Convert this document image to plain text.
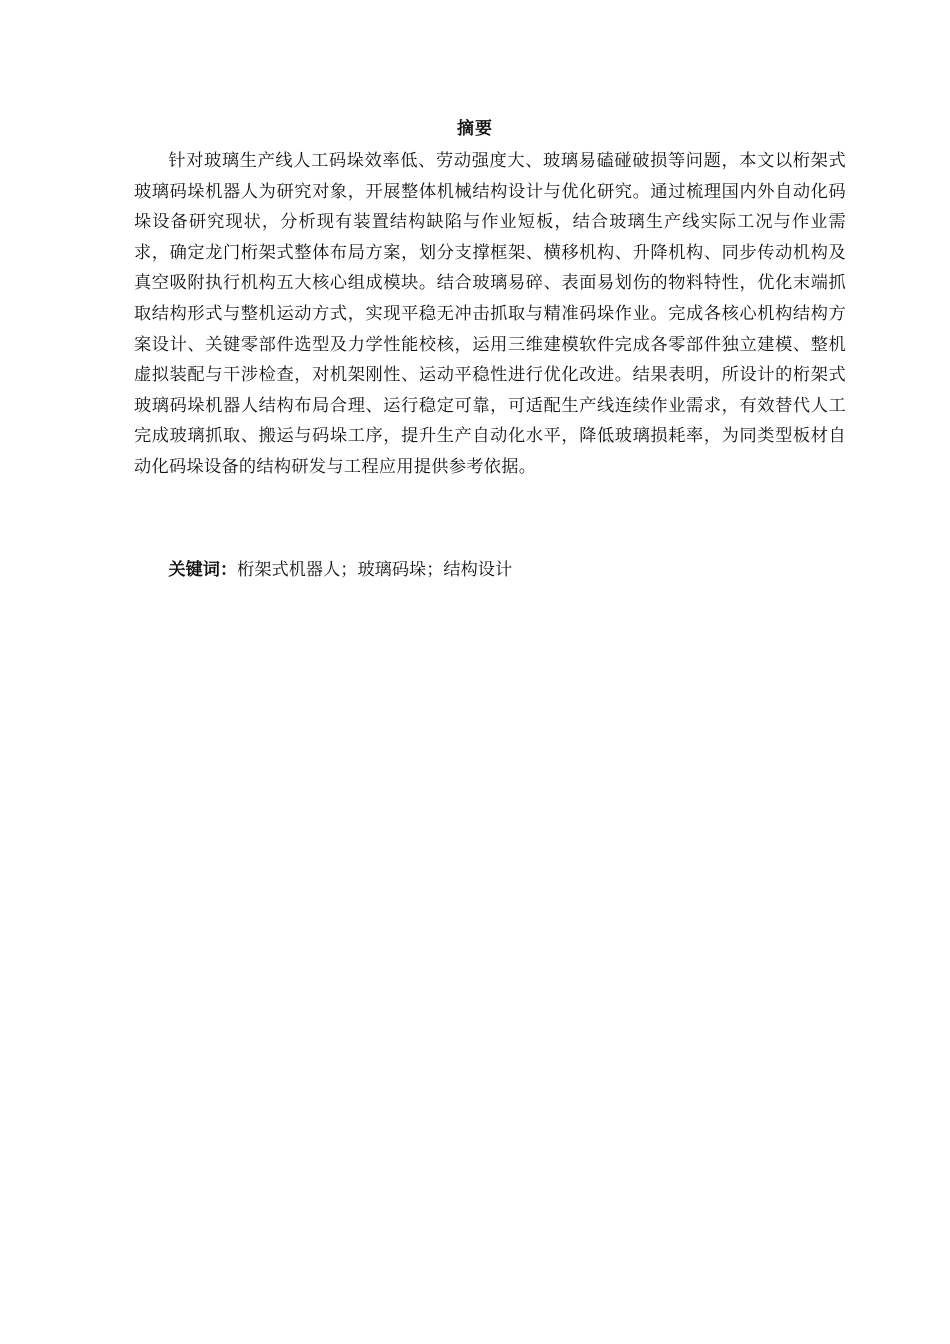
摘要

针对玻璃生产线人工码垛效率低、劳动强度大、玻璃易磕碰破损等问题，本文以桁架式玻璃码垛机器人为研究对象，开展整体机械结构设计与优化研究。通过梳理国内外自动化码垛设备研究现状，分析现有装置结构缺陷与作业短板，结合玻璃生产线实际工况与作业需求，确定龙门桁架式整体布局方案，划分支撑框架、横移机构、升降机构、同步传动机构及真空吸附执行机构五大核心组成模块。结合玻璃易碎、表面易划伤的物料特性，优化末端抓取结构形式与整机运动方式，实现平稳无冲击抓取与精准码垛作业。完成各核心机构结构方案设计、关键零部件选型及力学性能校核，运用三维建模软件完成各零部件独立建模、整机虚拟装配与干涉检查，对机架刚性、运动平稳性进行优化改进。结果表明，所设计的桁架式玻璃码垛机器人结构布局合理、运行稳定可靠，可适配生产线连续作业需求，有效替代人工完成玻璃抓取、搬运与码垛工序，提升生产自动化水平，降低玻璃损耗率，为同类型板材自动化码垛设备的结构研发与工程应用提供参考依据。

关键词：桁架式机器人；玻璃码垛；结构设计
